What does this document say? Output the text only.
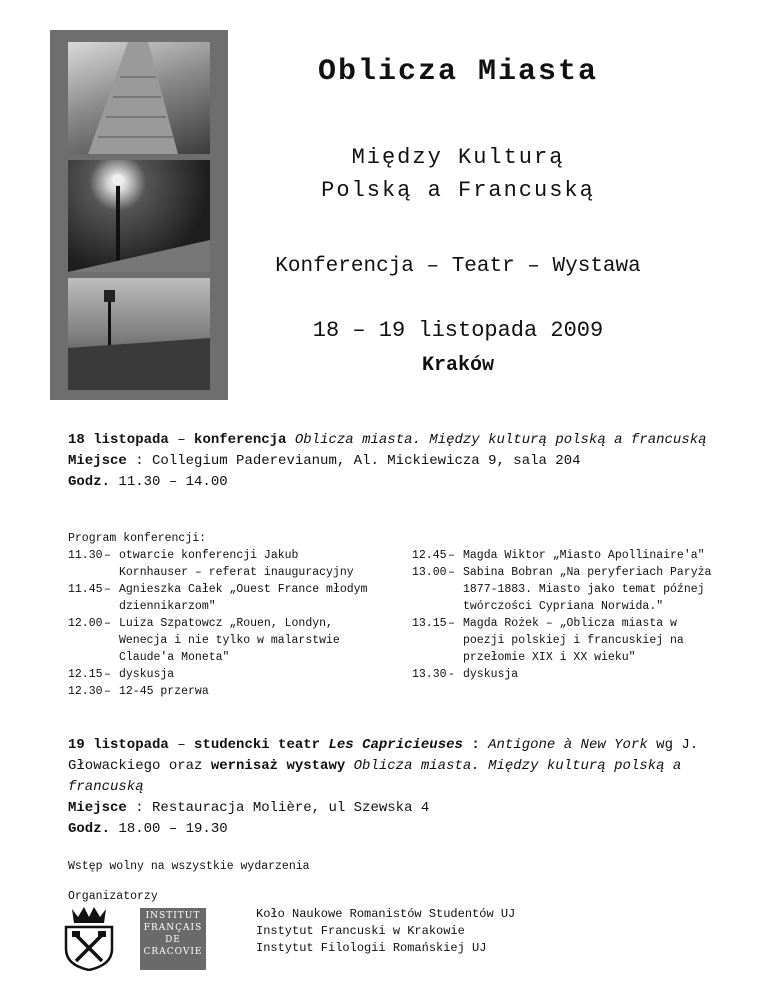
Oblicza Miasta
Między Kulturą
Polską a Francuską
Konferencja – Teatr – Wystawa
18 – 19 listopada 2009
Kraków
18 listopada – konferencja Oblicza miasta. Między kulturą polską a francuską
Miejsce : Collegium Paderevianum, Al. Mickiewicza 9, sala 204
Godz. 11.30 – 14.00

Program konferencji:

11.30 – otwarcie konferencji Jakub Kornhauser – referat inauguracyjny
11.45 – Agnieszka Całek „Ouest France młodym dziennikarzom"
12.00 – Luiza Szpatowcz „Rouen, Londyn, Wenecja i nie tylko w malarstwie Claude'a Moneta"
12.15 – dyskusja
12.30 – 12-45 przerwa
12.45 – Magda Wiktor „Miasto Apollinaire'a"
13.00 – Sabina Bobran „Na peryferiach Paryża 1877-1883. Miasto jako temat późnej twórczości Cypriana Norwida."
13.15 – Magda Rożek – „Oblicza miasta w poezji polskiej i francuskiej na przełomie XIX i XX wieku"
13.30 - dyskusja
19 listopada – studencki teatr Les Capricieuses : Antigone à New York wg J. Głowackiego oraz wernisaż wystawy Oblicza miasta. Między kulturą polską a francuską
Miejsce : Restauracja Molière, ul Szewska 4
Godz. 18.00 – 19.30

Wstęp wolny na wszystkie wydarzenia

Organizatorzy

INSTITUT FRANÇAIS DE CRACOVIE
Koło Naukowe Romanistów Studentów UJ
Instytut Francuski w Krakowie
Instytut Filologii Romańskiej UJ
